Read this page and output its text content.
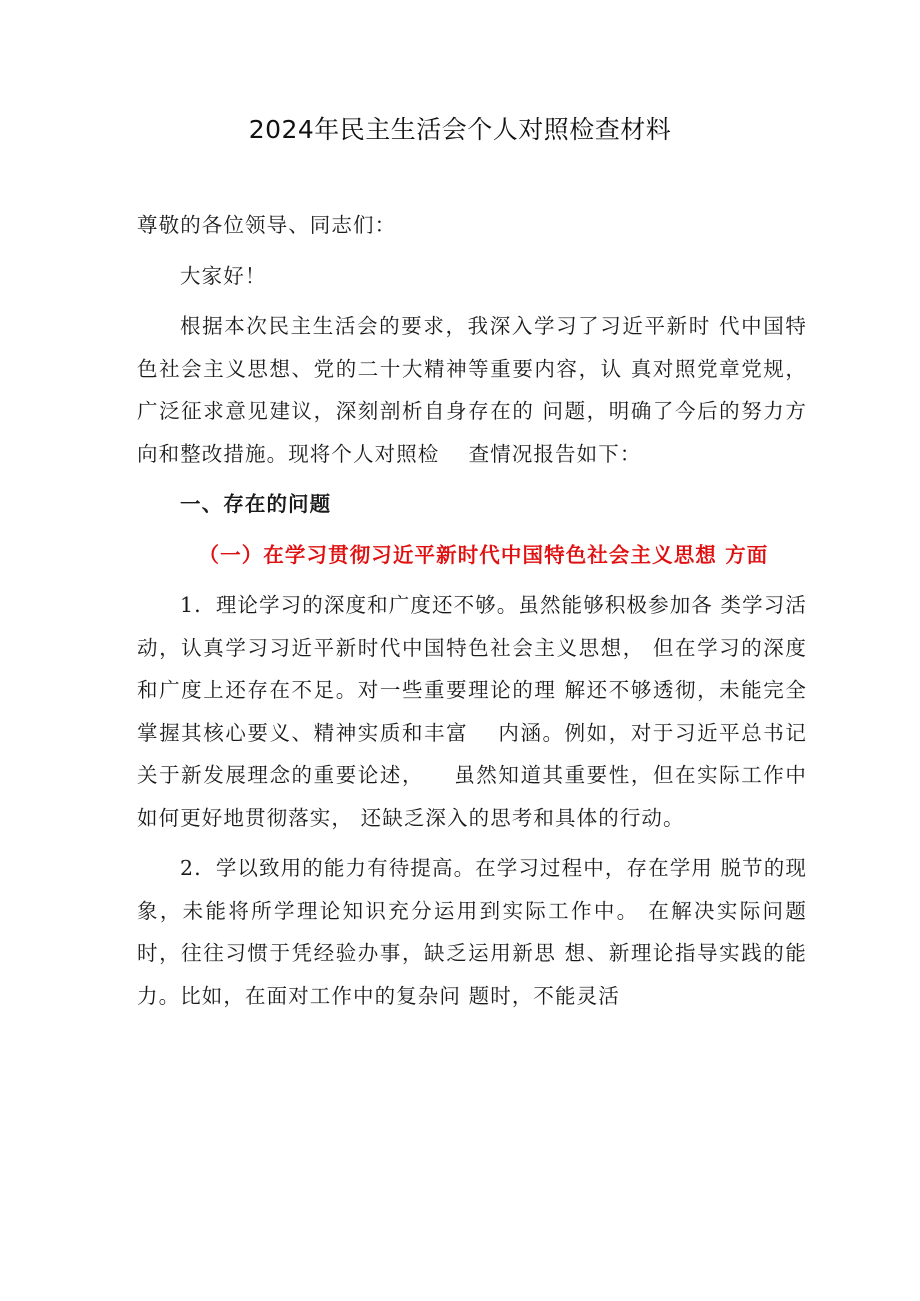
2024年民主生活会个人对照检查材料

尊敬的各位领导、同志们：

大家好！

根据本次民主生活会的要求，我深入学习了习近平新时 代中国特色社会主义思想、党的二十大精神等重要内容，认 真对照党章党规，广泛征求意见建议，深刻剖析自身存在的 问题，明确了今后的努力方向和整改措施。现将个人对照检 　查情况报告如下：

一、存在的问题

（一）在学习贯彻习近平新时代中国特色社会主义思想 方面

1．理论学习的深度和广度还不够。虽然能够积极参加各 类学习活动，认真学习习近平新时代中国特色社会主义思想， 但在学习的深度和广度上还存在不足。对一些重要理论的理 解还不够透彻，未能完全掌握其核心要义、精神实质和丰富 　内涵。例如，对于习近平总书记关于新发展理念的重要论述， 　虽然知道其重要性，但在实际工作中如何更好地贯彻落实， 还缺乏深入的思考和具体的行动。

2．学以致用的能力有待提高。在学习过程中，存在学用 脱节的现象，未能将所学理论知识充分运用到实际工作中。 在解决实际问题时，往往习惯于凭经验办事，缺乏运用新思 想、新理论指导实践的能力。比如，在面对工作中的复杂问 题时，不能灵活
